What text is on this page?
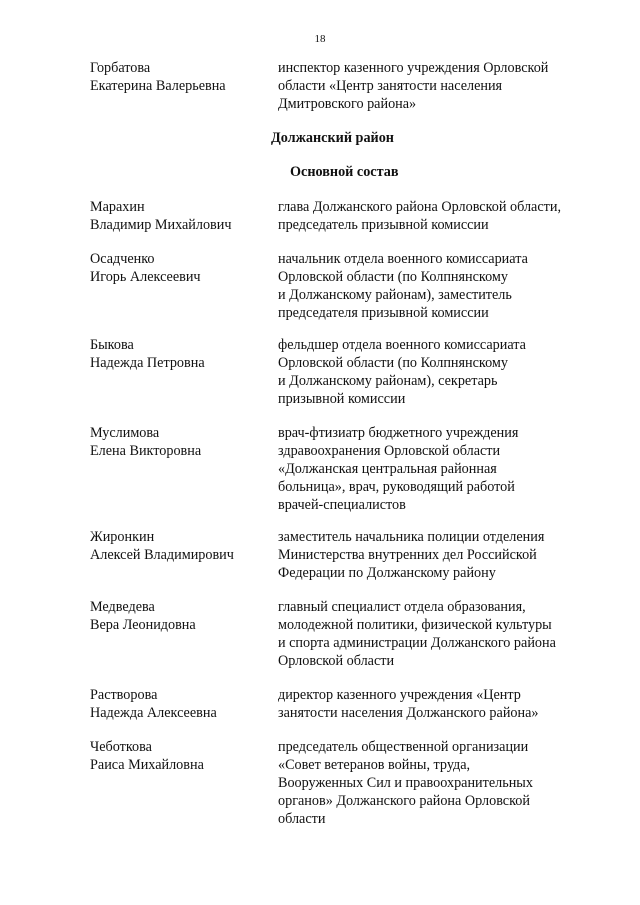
18
Горбатова
Екатерина Валерьевна
инспектор казенного учреждения Орловской
области «Центр занятости населения
Дмитровского района»
Должанский район
Основной состав
Марахин
Владимир Михайлович
глава Должанского района Орловской области,
председатель призывной комиссии
Осадченко
Игорь Алексеевич
начальник отдела военного комиссариата
Орловской области (по Колпнянскому
и Должанскому районам), заместитель
председателя призывной комиссии
Быкова
Надежда Петровна
фельдшер отдела военного комиссариата
Орловской области (по Колпнянскому
и Должанскому районам), секретарь
призывной комиссии
Муслимова
Елена Викторовна
врач-фтизиатр бюджетного учреждения
здравоохранения Орловской области
«Должанская центральная районная
больница», врач, руководящий работой
врачей-специалистов
Жиронкин
Алексей Владимирович
заместитель начальника полиции отделения
Министерства внутренних дел Российской
Федерации по Должанскому району
Медведева
Вера Леонидовна
главный специалист отдела образования,
молодежной политики, физической культуры
и спорта администрации Должанского района
Орловской области
Растворова
Надежда Алексеевна
директор казенного учреждения «Центр
занятости населения Должанского района»
Чеботкова
Раиса Михайловна
председатель общественной организации
«Совет ветеранов войны, труда,
Вооруженных Сил и правоохранительных
органов» Должанского района Орловской
области
